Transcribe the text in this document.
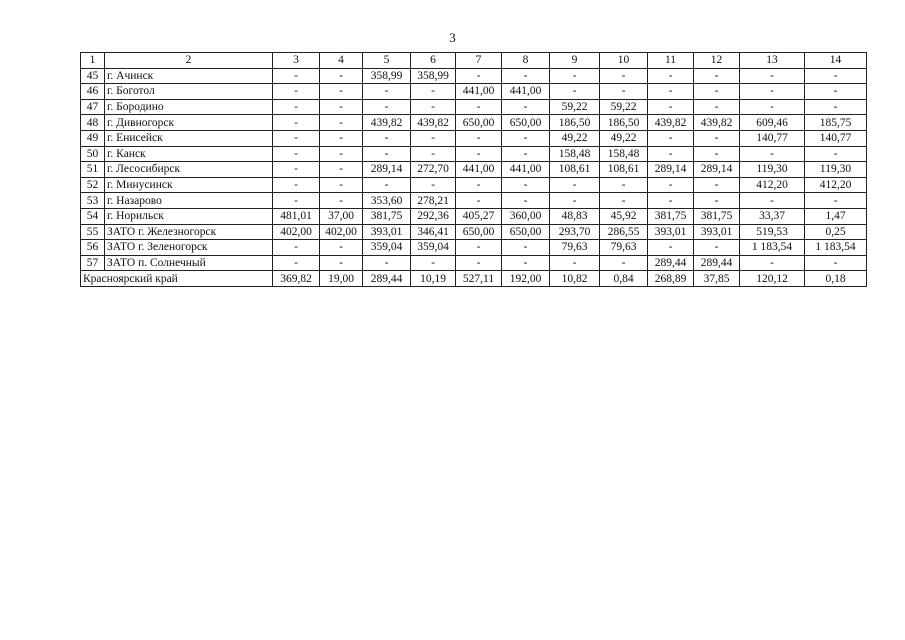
3
1	2	3	4	5	6	7	8	9	10	11	12	13	14
45	г. Ачинск	-	-	358,99	358,99	-	-	-	-	-	-	-	-
46	г. Боготол	-	-	-	-	441,00	441,00	-	-	-	-	-	-
47	г. Бородино	-	-	-	-	-	-	59,22	59,22	-	-	-	-
48	г. Дивногорск	-	-	439,82	439,82	650,00	650,00	186,50	186,50	439,82	439,82	609,46	185,75
49	г. Енисейск	-	-	-	-	-	-	49,22	49,22	-	-	140,77	140,77
50	г. Канск	-	-	-	-	-	-	158,48	158,48	-	-	-	-
51	г. Лесосибирск	-	-	289,14	272,70	441,00	441,00	108,61	108,61	289,14	289,14	119,30	119,30
52	г. Минусинск	-	-	-	-	-	-	-	-	-	-	412,20	412,20
53	г. Назарово	-	-	353,60	278,21	-	-	-	-	-	-	-	-
54	г. Норильск	481,01	37,00	381,75	292,36	405,27	360,00	48,83	45,92	381,75	381,75	33,37	1,47
55	ЗАТО г. Железногорск	402,00	402,00	393,01	346,41	650,00	650,00	293,70	286,55	393,01	393,01	519,53	0,25
56	ЗАТО г. Зеленогорск	-	-	359,04	359,04	-	-	79,63	79,63	-	-	1 183,54	1 183,54
57	ЗАТО п. Солнечный	-	-	-	-	-	-	-	-	289,44	289,44	-	-
Красноярский край		369,82	19,00	289,44	10,19	527,11	192,00	10,82	0,84	268,89	37,85	120,12	0,18
